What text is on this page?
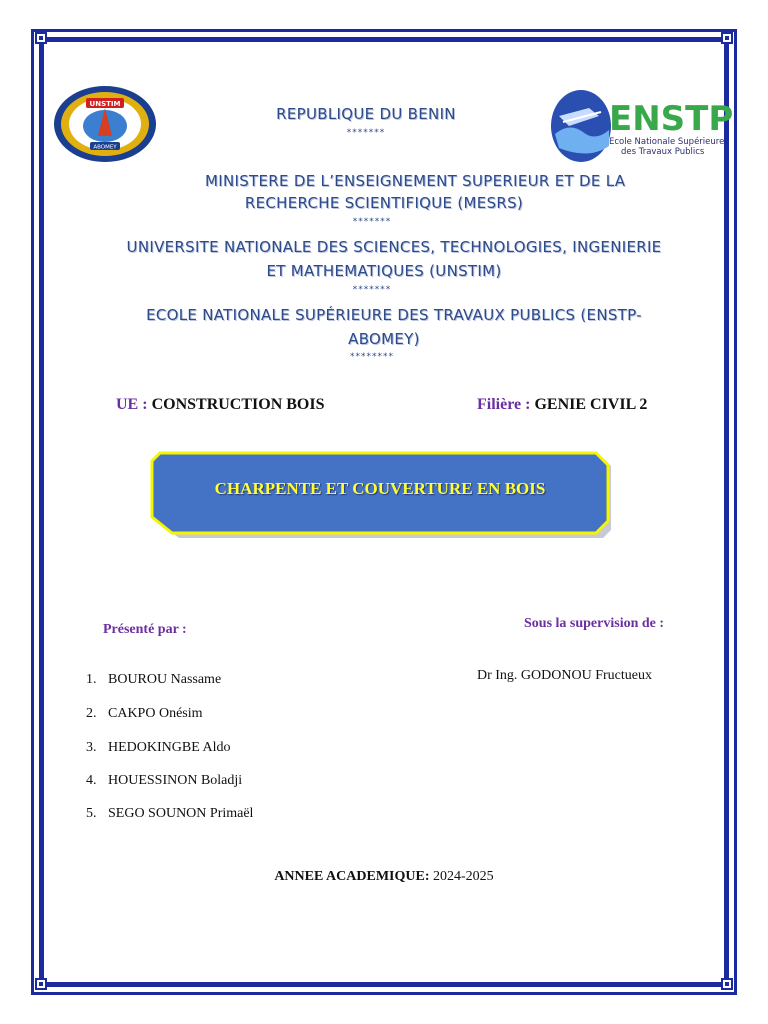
UNSTIM
ABOMEY
ENSTP
Ecole Nationale Supérieure
des Travaux Publics
REPUBLIQUE DU BENIN
*******
MINISTERE DE L’ENSEIGNEMENT SUPERIEUR ET DE LA
RECHERCHE SCIENTIFIQUE (MESRS)
*******
UNIVERSITE NATIONALE DES SCIENCES, TECHNOLOGIES, INGENIERIE
ET MATHEMATIQUES (UNSTIM)
*******
ECOLE NATIONALE SUPÉRIEURE DES TRAVAUX PUBLICS (ENSTP-
ABOMEY)
********
UE : CONSTRUCTION BOIS	Filière : GENIE CIVIL 2
CHARPENTE ET COUVERTURE EN BOIS
Présenté par :	Sous la supervision de :
1. BOUROU Nassame
2. CAKPO Onésim
3. HEDOKINGBE Aldo
4. HOUESSINON Boladji
5. SEGO SOUNON Primaël
Dr Ing. GODONOU Fructueux
ANNEE ACADEMIQUE: 2024-2025
